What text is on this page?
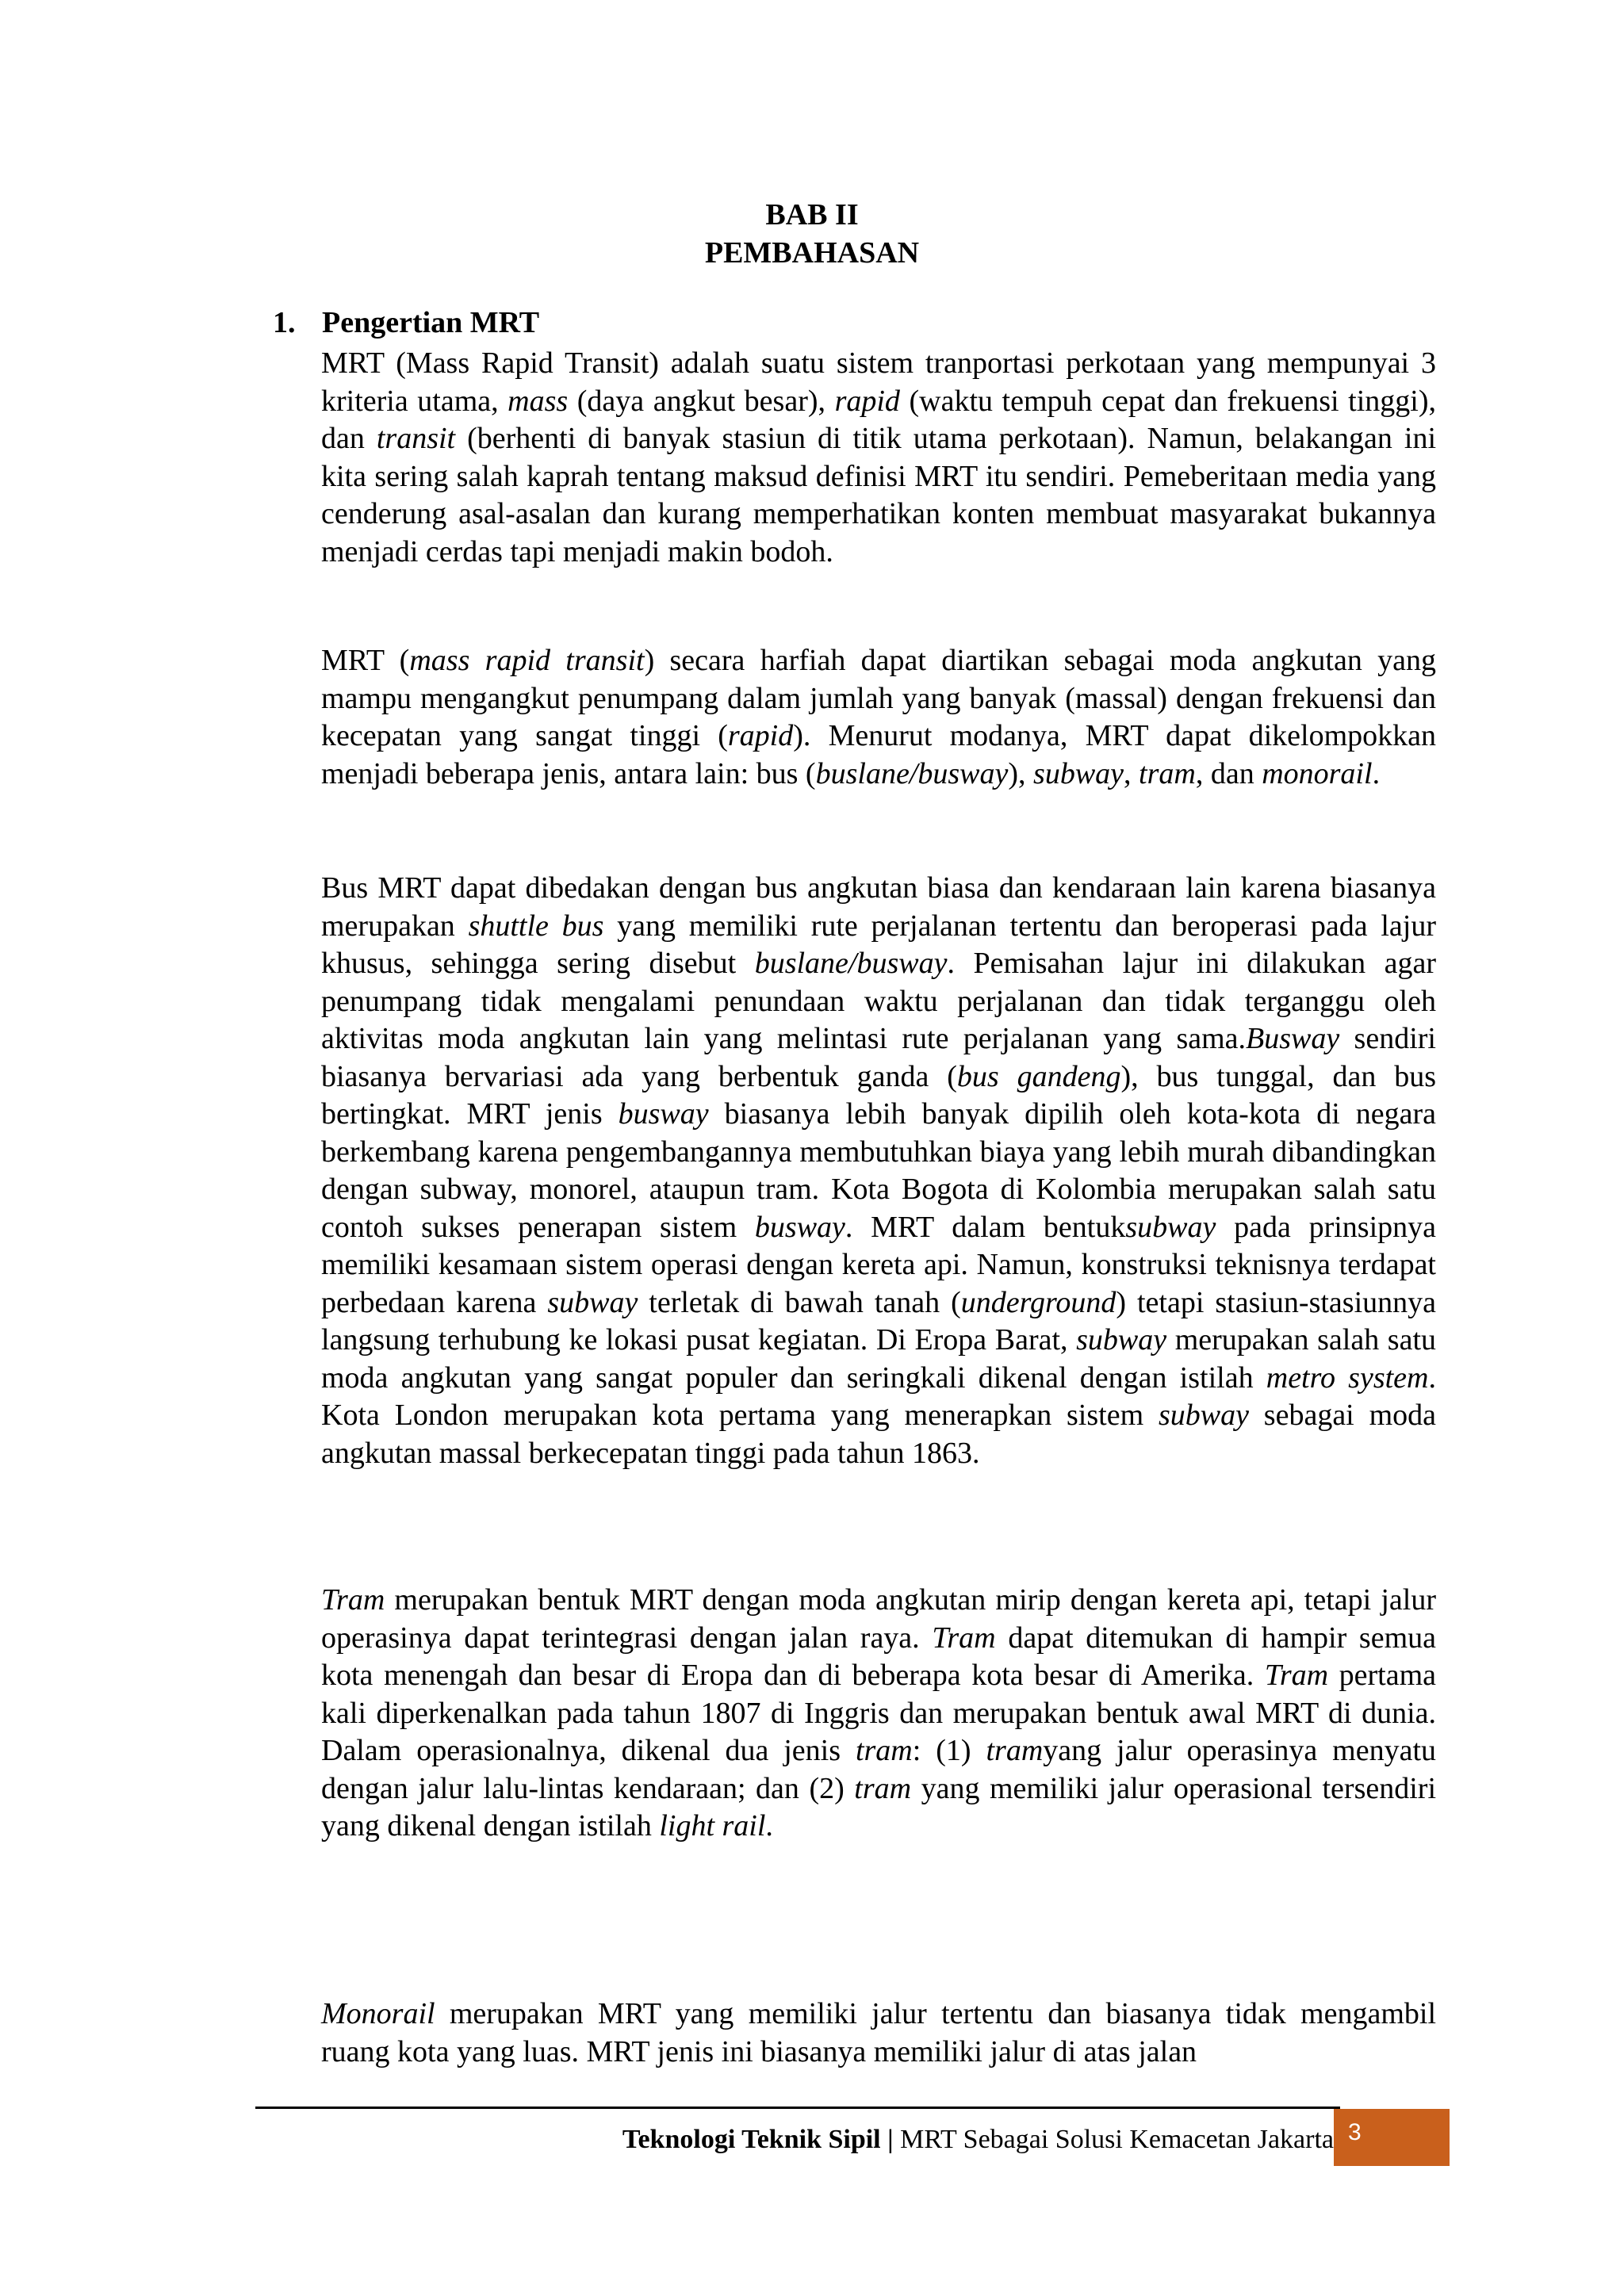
BAB II
PEMBAHASAN
1. Pengertian MRT

MRT (Mass Rapid Transit) adalah suatu sistem tranportasi perkotaan yang mempunyai 3 kriteria utama, mass (daya angkut besar), rapid (waktu tempuh cepat dan frekuensi tinggi), dan transit (berhenti di banyak stasiun di titik utama perkotaan). Namun, belakangan ini kita sering salah kaprah tentang maksud definisi MRT itu sendiri. Pemeberitaan media yang cenderung asal-asalan dan kurang memperhatikan konten membuat masyarakat bukannya menjadi cerdas tapi menjadi makin bodoh.

MRT (mass rapid transit) secara harfiah dapat diartikan sebagai moda angkutan yang mampu mengangkut penumpang dalam jumlah yang banyak (massal) dengan frekuensi dan kecepatan yang sangat tinggi (rapid). Menurut modanya, MRT dapat dikelompokkan menjadi beberapa jenis, antara lain: bus (buslane/busway), subway, tram, dan monorail.

Bus MRT dapat dibedakan dengan bus angkutan biasa dan kendaraan lain karena biasanya merupakan shuttle bus yang memiliki rute perjalanan tertentu dan beroperasi pada lajur khusus, sehingga sering disebut buslane/busway. Pemisahan lajur ini dilakukan agar penumpang tidak mengalami penundaan waktu perjalanan dan tidak terganggu oleh aktivitas moda angkutan lain yang melintasi rute perjalanan yang sama.Busway sendiri biasanya bervariasi ada yang berbentuk ganda (bus gandeng), bus tunggal, dan bus bertingkat. MRT jenis busway biasanya lebih banyak dipilih oleh kota-kota di negara berkembang karena pengembangannya membutuhkan biaya yang lebih murah dibandingkan dengan subway, monorel, ataupun tram. Kota Bogota di Kolombia merupakan salah satu contoh sukses penerapan sistem busway. MRT dalam bentuksubway pada prinsipnya memiliki kesamaan sistem operasi dengan kereta api. Namun, konstruksi teknisnya terdapat perbedaan karena subway terletak di bawah tanah (underground) tetapi stasiun-stasiunnya langsung terhubung ke lokasi pusat kegiatan. Di Eropa Barat, subway merupakan salah satu moda angkutan yang sangat populer dan seringkali dikenal dengan istilah metro system. Kota London merupakan kota pertama yang menerapkan sistem subway sebagai moda angkutan massal berkecepatan tinggi pada tahun 1863.

Tram merupakan bentuk MRT dengan moda angkutan mirip dengan kereta api, tetapi jalur operasinya dapat terintegrasi dengan jalan raya. Tram dapat ditemukan di hampir semua kota menengah dan besar di Eropa dan di beberapa kota besar di Amerika. Tram pertama kali diperkenalkan pada tahun 1807 di Inggris dan merupakan bentuk awal MRT di dunia. Dalam operasionalnya, dikenal dua jenis tram: (1) tramyang jalur operasinya menyatu dengan jalur lalu-lintas kendaraan; dan (2) tram yang memiliki jalur operasional tersendiri yang dikenal dengan istilah light rail.

Monorail merupakan MRT yang memiliki jalur tertentu dan biasanya tidak mengambil ruang kota yang luas. MRT jenis ini biasanya memiliki jalur di atas jalan

Teknologi Teknik Sipil | MRT Sebagai Solusi Kemacetan Jakarta 3
